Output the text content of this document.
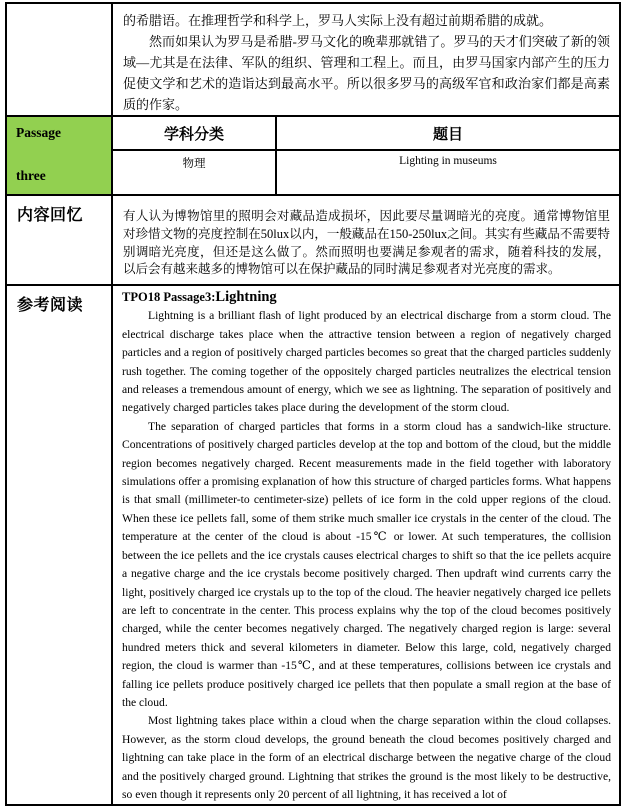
	的希腊语。在推理哲学和科学上，罗马人实际上没有超过前期希腊的成就。

然而如果认为罗马是希腊-罗马文化的晚辈那就错了。罗马的天才们突破了新的领域—尤其是在法律、军队的组织、管理和工程上。而且，由罗马国家内部产生的压力促使文学和艺术的造诣达到最高水平。所以很多罗马的高级军官和政治家们都是高素质的作家。	

Passage
three	学科分类	题目
	物理	Lighting in museums
内容回忆	有人认为博物馆里的照明会对藏品造成损坏，因此要尽量调暗光的亮度。通常博物馆里对珍惜文物的亮度控制在50lux以内，一般藏品在150-250lux之间。其实有些藏品不需要特别调暗光亮度，但还是这么做了。然而照明也要满足参观者的需求，随着科技的发展，以后会有越来越多的博物馆可以在保护藏品的同时满足参观者对光亮度的需求。	
参考阅读	TPO18 Passage3:Lightning

Lightning is a brilliant flash of light produced by an electrical discharge from a storm cloud. The electrical discharge takes place when the attractive tension between a region of negatively charged particles and a region of positively charged particles becomes so great that the charged particles suddenly rush together. The coming together of the oppositely charged particles neutralizes the electrical tension and releases a tremendous amount of energy, which we see as lightning. The separation of positively and negatively charged particles takes place during the development of the storm cloud.

The separation of charged particles that forms in a storm cloud has a sandwich-like structure. Concentrations of positively charged particles develop at the top and bottom of the cloud, but the middle region becomes negatively charged. Recent measurements made in the field together with laboratory simulations offer a promising explanation of how this structure of charged particles forms. What happens is that small (millimeter-to centimeter-size) pellets of ice form in the cold upper regions of the cloud. When these ice pellets fall, some of them strike much smaller ice crystals in the center of the cloud. The temperature at the center of the cloud is about -15℃ or lower. At such temperatures, the collision between the ice pellets and the ice crystals causes electrical charges to shift so that the ice pellets acquire a negative charge and the ice crystals become positively charged. Then updraft wind currents carry the light, positively charged ice crystals up to the top of the cloud. The heavier negatively charged ice pellets are left to concentrate in the center. This process explains why the top of the cloud becomes positively charged, while the center becomes negatively charged. The negatively charged region is large: several hundred meters thick and several kilometers in diameter. Below this large, cold, negatively charged region, the cloud is warmer than -15℃, and at these temperatures, collisions between ice crystals and falling ice pellets produce positively charged ice pellets that then populate a small region at the base of the cloud.

Most lightning takes place within a cloud when the charge separation within the cloud collapses. However, as the storm cloud develops, the ground beneath the cloud becomes positively charged and lightning can take place in the form of an electrical discharge between the negative charge of the cloud and the positively charged ground. Lightning that strikes the ground is the most likely to be destructive, so even though it represents only 20 percent of all lightning, it has received a lot of	
